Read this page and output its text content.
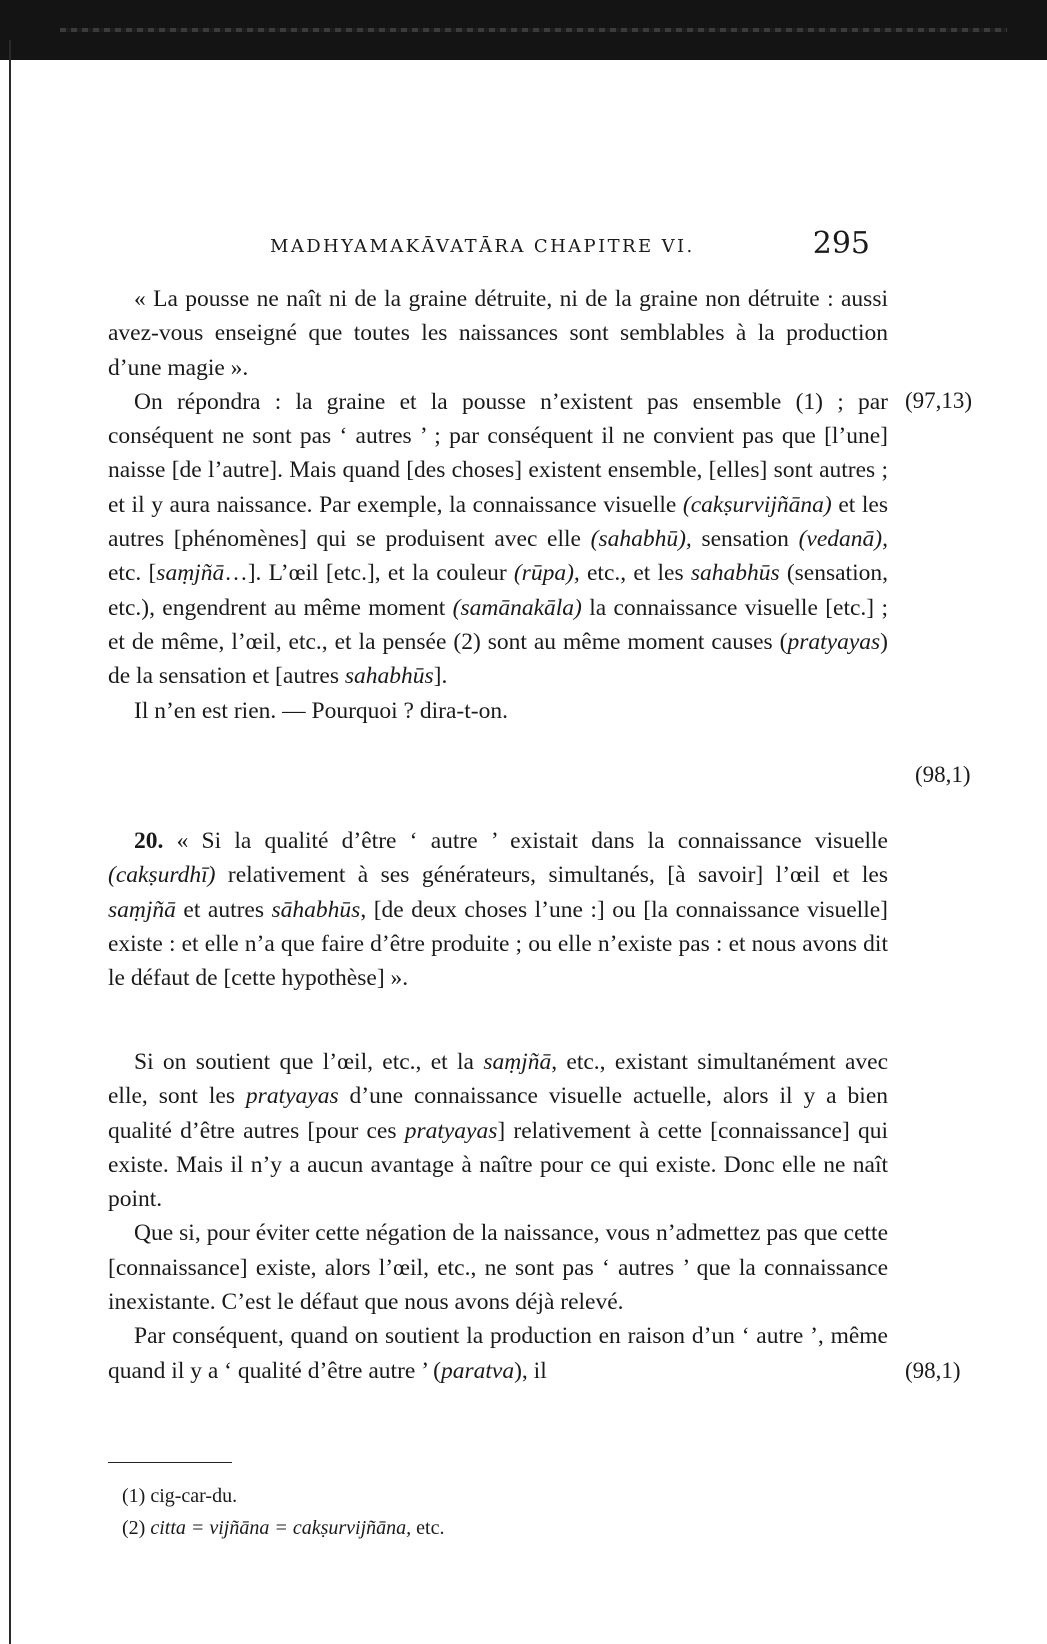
MADHYAMAKĀVATĀRA CHAPITRE VI.	295

« La pousse ne naît ni de la graine détruite, ni de la graine non détruite : aussi avez-vous enseigné que toutes les naissances sont semblables à la production d’une magie ».

On répondra : la graine et la pousse n’existent pas ensemble (1) ; par conséquent ne sont pas ‘ autres ’ ; par conséquent il ne convient pas que [l’une] naisse [de l’autre]. Mais quand [des choses] existent ensemble, [elles] sont autres ; et il y aura naissance. Par exemple, la connaissance visuelle (cakṣurvijñāna) et les autres [phénomènes] qui se produisent avec elle (sahabhū), sensation (vedanā), etc. [saṃjñā…]. L’œil [etc.], et la couleur (rūpa), etc., et les sahabhūs (sensation, etc.), engendrent au même moment (samānakāla) la connaissance visuelle [etc.] ; et de même, l’œil, etc., et la pensée (2) sont au même moment causes (pratyayas) de la sensation et [autres sahabhūs].

Il n’en est rien. — Pourquoi ? dira-t-on.

20. « Si la qualité d’être ‘ autre ’ existait dans la connaissance visuelle (cakṣurdhī) relativement à ses générateurs, simultanés, [à savoir] l’œil et les saṃjñā et autres sāhabhūs, [de deux choses l’une :] ou [la connaissance visuelle] existe : et elle n’a que faire d’être produite ; ou elle n’existe pas : et nous avons dit le défaut de [cette hypothèse] ».

Si on soutient que l’œil, etc., et la saṃjñā, etc., existant simultanément avec elle, sont les pratyayas d’une connaissance visuelle actuelle, alors il y a bien qualité d’être autres [pour ces pratyayas] relativement à cette [connaissance] qui existe. Mais il n’y a aucun avantage à naître pour ce qui existe. Donc elle ne naît point.

Que si, pour éviter cette négation de la naissance, vous n’admettez pas que cette [connaissance] existe, alors l’œil, etc., ne sont pas ‘ autres ’ que la connaissance inexistante. C’est le défaut que nous avons déjà relevé.

Par conséquent, quand on soutient la production en raison d’un ‘ autre ’, même quand il y a ‘ qualité d’être autre ’ (paratva), il

(97,13)
(98,1)
(98,1)
(1) cig-car-du.
(2) citta = vijñāna = cakṣurvijñāna, etc.
